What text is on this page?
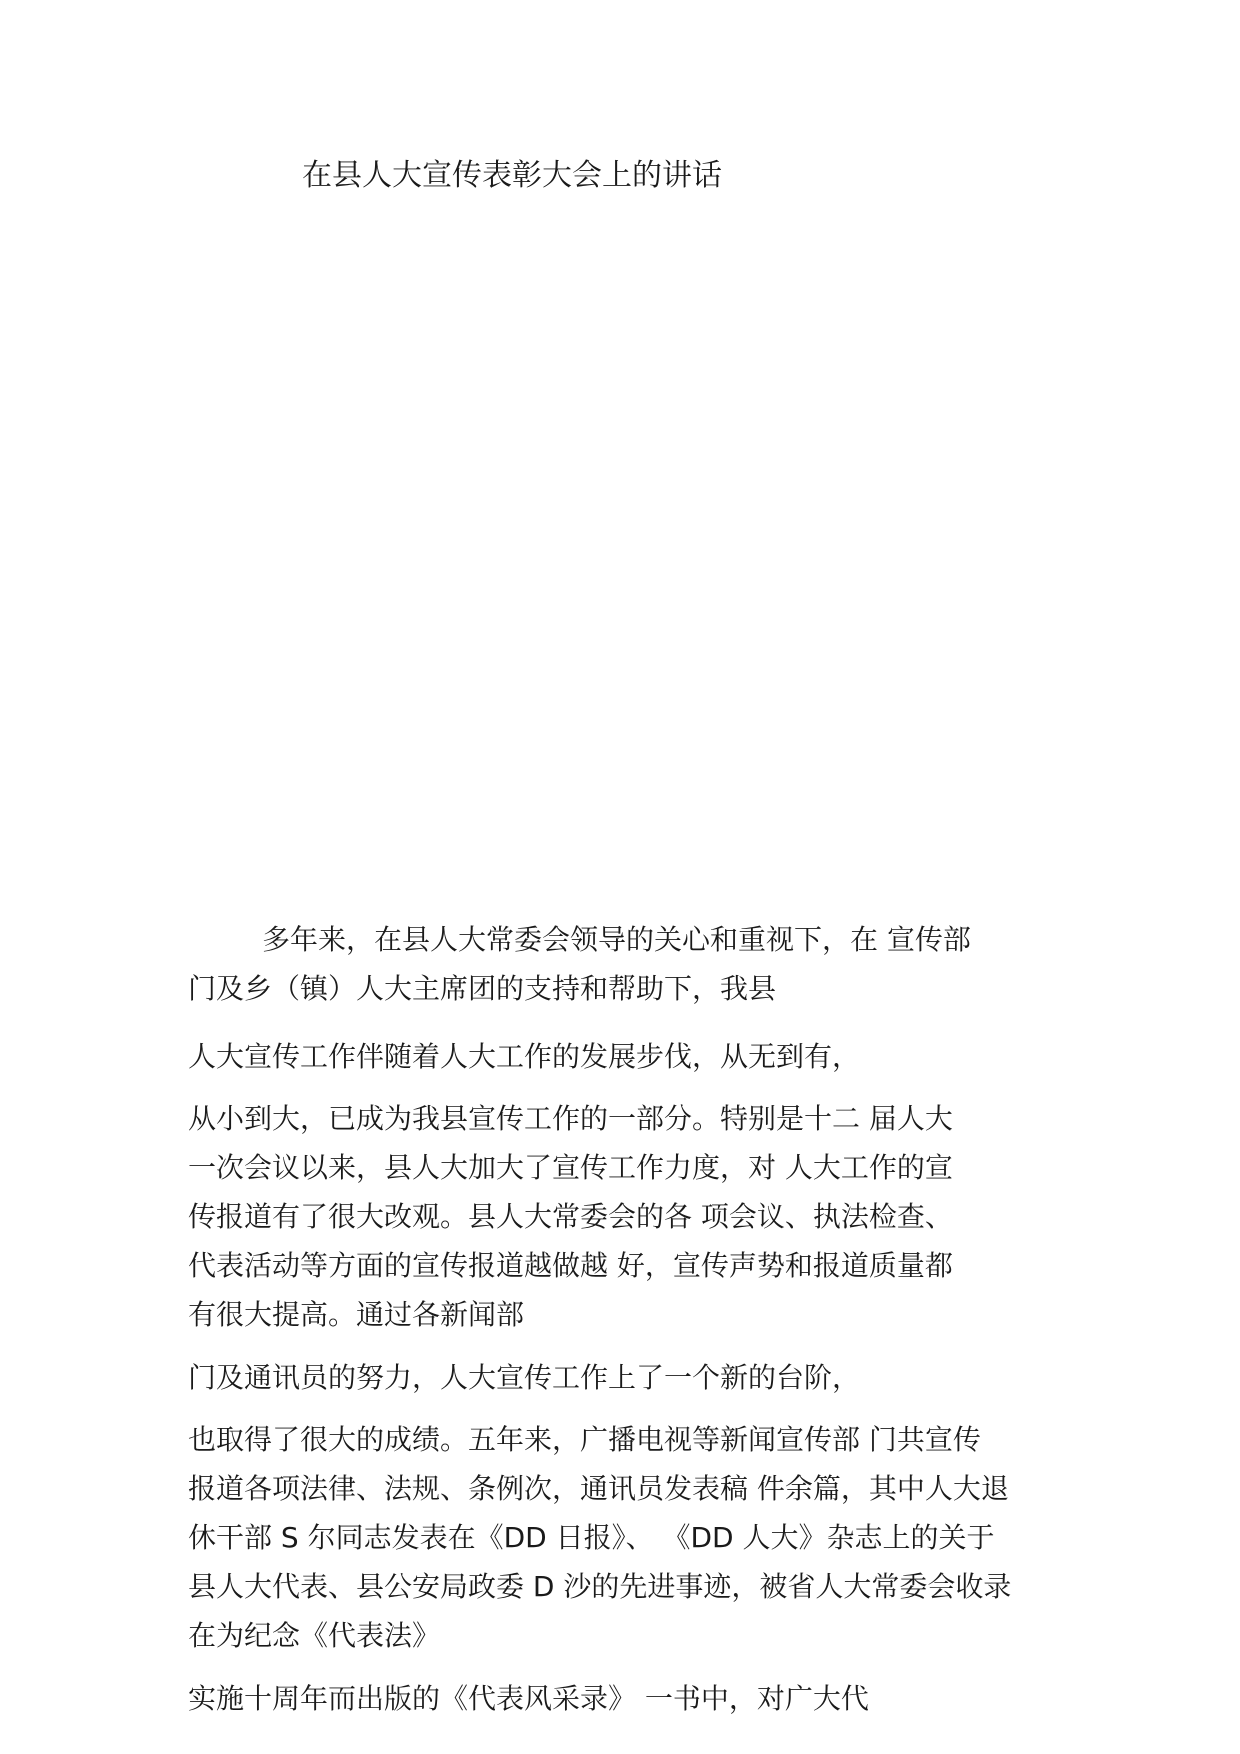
在县人大宣传表彰大会上的讲话
多年来，在县人大常委会领导的关心和重视下，在 宣传部
门及乡（镇）人大主席团的支持和帮助下，我县
人大宣传工作伴随着人大工作的发展步伐，从无到有，
从小到大，已成为我县宣传工作的一部分。特别是十二 届人大
一次会议以来，县人大加大了宣传工作力度，对 人大工作的宣
传报道有了很大改观。县人大常委会的各 项会议、执法检查、
代表活动等方面的宣传报道越做越 好，宣传声势和报道质量都
有很大提高。通过各新闻部
门及通讯员的努力，人大宣传工作上了一个新的台阶，
也取得了很大的成绩。五年来，广播电视等新闻宣传部 门共宣传
报道各项法律、法规、条例次，通讯员发表稿 件余篇，其中人大退
休干部 S 尔同志发表在《DD 日报》、 《DD 人大》杂志上的关于
县人大代表、县公安局政委 D 沙的先进事迹，被省人大常委会收录
在为纪念《代表法》
实施十周年而出版的《代表风采录》 一书中，对广大代
